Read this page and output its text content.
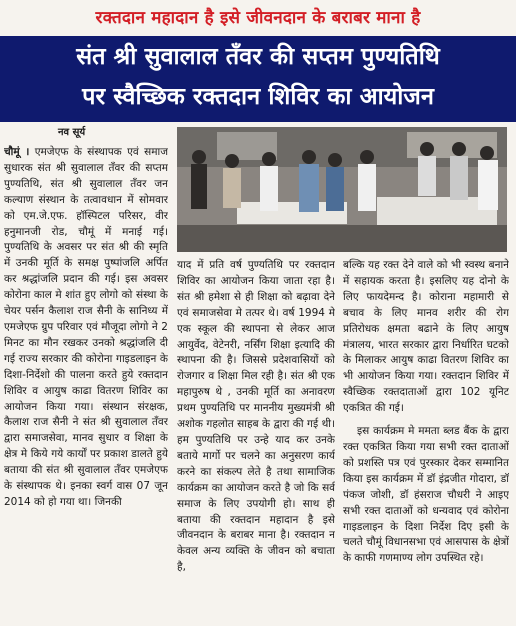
रक्तदान महादान है इसे जीवनदान के बराबर माना है
संत श्री सुवालाल तँवर की सप्तम पुण्यतिथि
पर स्वैच्छिक रक्तदान शिविर का आयोजन
नव सूर्य

चौमूं । एमजेएफ के संस्थापक एवं समाज सुधारक संत श्री सुवालाल तँवर की सप्तम पुण्यतिथि, संत श्री सुवालाल तँवर जन कल्याण संस्थान के तत्वावधान में सोमवार को एम.जे.एफ. हॉस्पिटल परिसर, वीर हनुमानजी रोड, चौमूं में मनाई गई। पुण्यतिथि के अवसर पर संत श्री की स्मृति में उनकी मूर्ति के समक्ष पुष्पांजलि अर्पित कर श्रद्धांजलि प्रदान की गई। इस अवसर कोरोना काल मे शांत हुए लोगो को संस्था के चेयर पर्सन कैलाश राज सैनी के सानिध्य में एमजेएफ ग्रुप परिवार एवं मौजूदा लोगो ने 2 मिनट का मौन रखकर उनको श्रद्धांजलि दी गई राज्य सरकार की कोरोना गाइडलाइन के दिशा-निर्देशो की पालना करते हुये रक्तदान शिविर व आयुष काढा वितरण शिविर का आयोजन किया गया। संस्थान संरक्षक, कैलाश राज सैनी ने संत श्री सुवालाल तँवर द्वारा समाजसेवा, मानव सुधार व शिक्षा के क्षेत्र मे किये गये कार्यों पर प्रकाश डालते हुये बताया की संत श्री सुवालाल तँवर एमजेएफ के संस्थापक थे। इनका स्वर्ग वास 07 जून 2014 को हो गया था। जिनकी

याद में प्रति वर्ष पुण्यतिथि पर रक्तदान शिविर का आयोजन किया जाता रहा है। संत श्री हमेशा से ही शिक्षा को बढ़ावा देने एवं समाजसेवा मे तत्पर थे। वर्ष 1994 मे एक स्कूल की स्थापना से लेकर आज आयुर्वेद, वेटेनरी, नर्सिंग शिक्षा इत्यादि की स्थापना की है। जिससे प्रदेशवासियों को रोजगार व शिक्षा मिल रही है। संत श्री एक महापुरुष थे , उनकी मूर्ति का अनावरण प्रथम पुण्यतिथि पर माननीय मुख्यमंत्री श्री अशोक गहलोत साहब के द्वारा की गई थी। हम पुण्यतिथि पर उन्हे याद कर उनके बताये मार्गो पर चलने का अनुसरण कार्य करने का संकल्प लेते है तथा सामाजिक कार्यक्रम का आयोजन करते है जो कि सर्व समाज के लिए उपयोगी हो। साथ ही बताया की रक्तदान महादान है इसे जीवनदान के बराबर माना है। रक्तदान न केवल अन्य व्यक्ति के जीवन को बचाता है,

बल्कि यह रक्त देने वाले को भी स्वस्थ बनाने में सहायक करता है। इसलिए यह दोनो के लिए फायदेमन्द है। कोराना महामारी से बचाव के लिए मानव शरीर की रोग प्रतिरोधक क्षमता बढाने के लिए आयुष मंत्रालय, भारत सरकार द्वारा निर्धारित घटको के मिलाकर आयुष काढा वितरण शिविर का भी आयोजन किया गया। रक्तदान शिविर में स्वैच्छिक रक्तदाताओं द्वारा 102 यूनिट एकत्रित की गई।

इस कार्यक्रम मे ममता ब्लड बैंक के द्वारा रक्त एकत्रित किया गया सभी रक्त दाताओं को प्रशस्ति पत्र एवं पुरस्कार देकर सम्मानित किया इस कार्यक्रम में डॉ इंद्रजीत गोदारा, डॉ पंकज जोशी, डॉ हंसराज चौधरी ने आइए सभी रक्त दाताओं को धन्यवाद एवं कोरोना गाइडलाइन के दिशा निर्देश दिए इसी के चलते चौमूं विधानसभा एवं आसपास के क्षेत्रों के काफी गणमाण्य लोग उपस्थित रहे।
